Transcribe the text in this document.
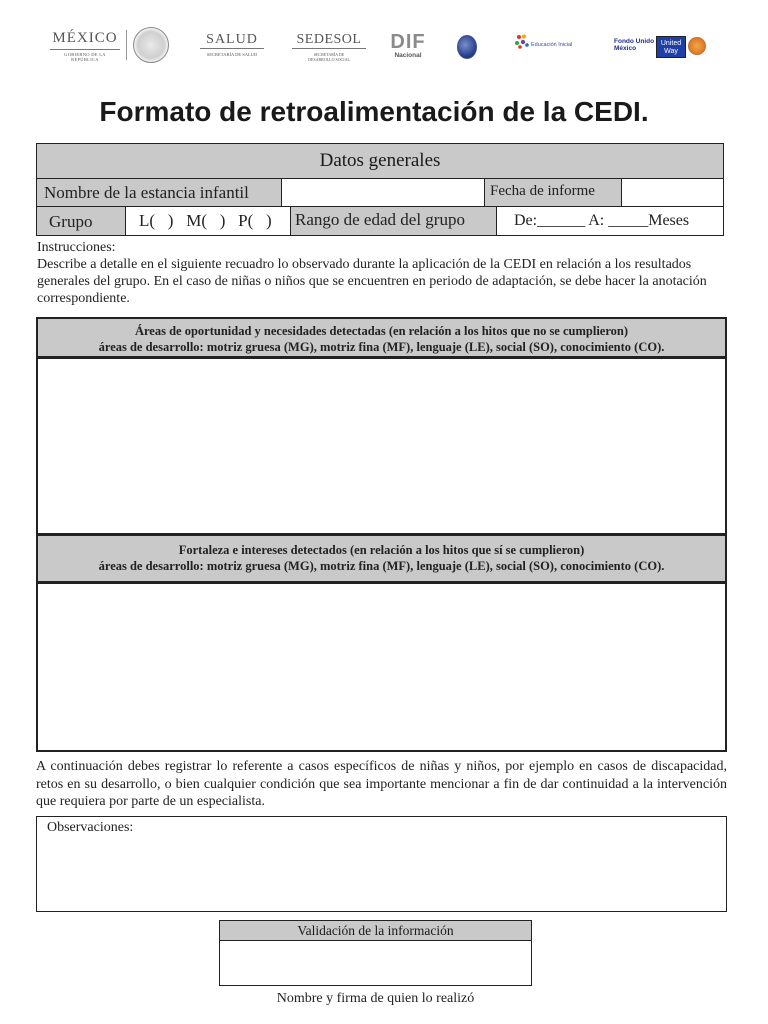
MÉXICO
GOBIERNO DE LA REPÚBLICA
SALUD
SECRETARÍA DE SALUD
SEDESOL
SECRETARÍA DE
DESARROLLO SOCIAL
DIF
Nacional
Educación Inicial	Fondo Unido
México
United
Way
Formato de retroalimentación de la CEDI.
Datos generales
Nombre de la estancia infantil	Fecha de informe
Grupo	L(   )   M(   )   P(   )	Rango de edad del grupo	De:______ A: _____Meses
Instrucciones:
Describe a detalle en el siguiente recuadro lo observado durante la aplicación de la CEDI en relación a los resultados generales del grupo. En el caso de niñas o niños que se encuentren en periodo de adaptación, se debe hacer la anotación correspondiente.
Áreas de oportunidad y necesidades detectadas (en relación a los hitos que no se cumplieron)
áreas de desarrollo: motriz gruesa (MG), motriz fina (MF), lenguaje (LE), social (SO), conocimiento (CO).
Fortaleza e intereses detectados (en relación a los hitos que sí se cumplieron)
áreas de desarrollo: motriz gruesa (MG), motriz fina (MF), lenguaje (LE), social (SO), conocimiento (CO).
A continuación debes registrar lo referente a casos específicos de niñas y niños, por ejemplo en casos de discapacidad, retos en su desarrollo, o bien cualquier condición que sea importante mencionar a fin de dar continuidad a la intervención que requiera por parte de un especialista.
Observaciones:
Validación de la información
Nombre y firma de quien lo realizó
